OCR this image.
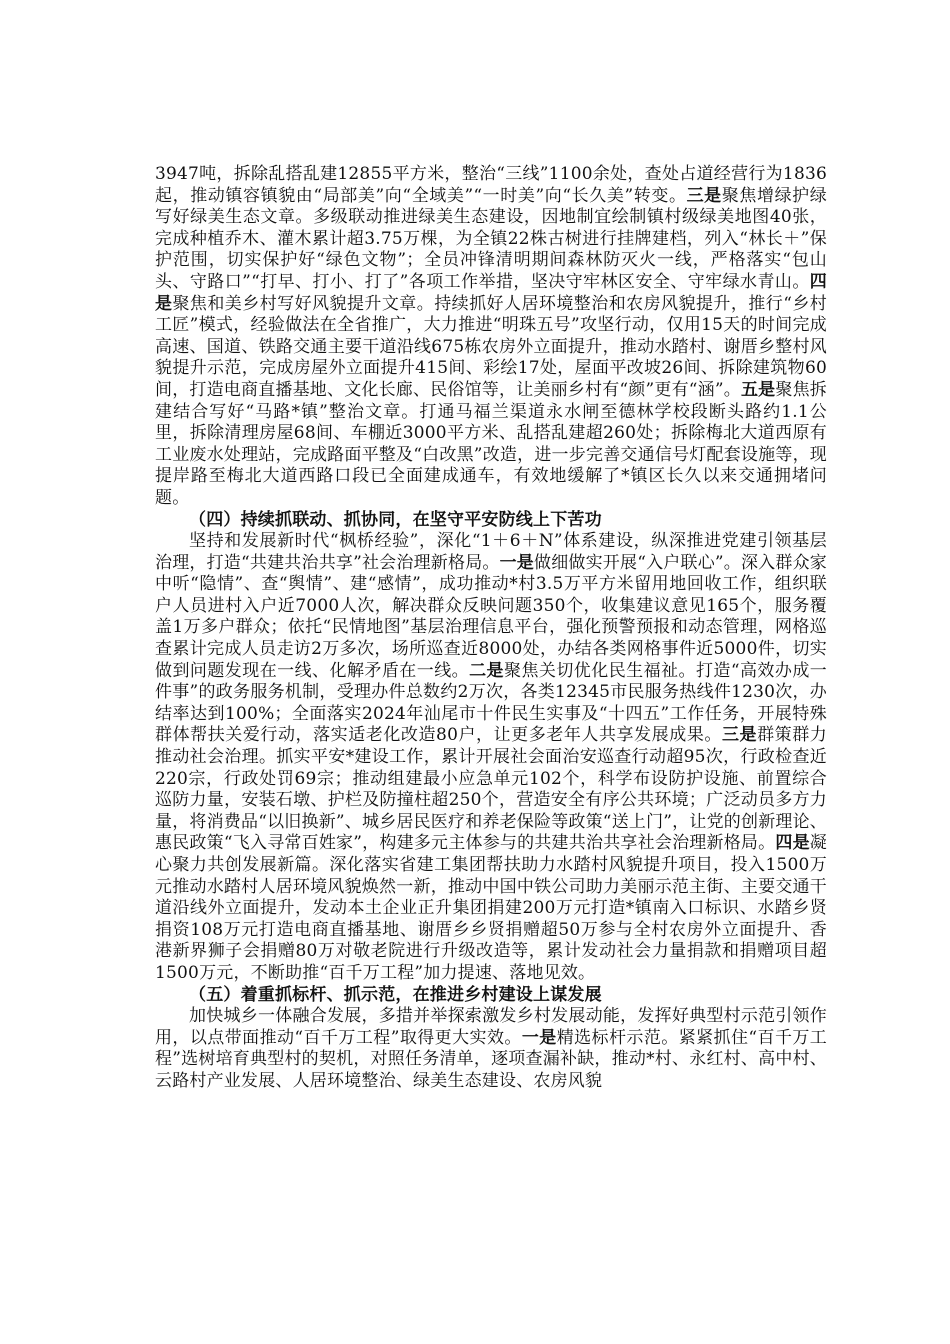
3947吨，拆除乱搭乱建12855平方米，整治“三线”1100余处，查处占道经营行为1836起，推动镇容镇貌由“局部美”向“全域美”“一时美”向“长久美”转变。三是聚焦增绿护绿写好绿美生态文章。多级联动推进绿美生态建设，因地制宜绘制镇村级绿美地图40张，完成种植乔木、灌木累计超3.75万棵，为全镇22株古树进行挂牌建档，列入“林长＋”保护范围，切实保护好“绿色文物”；全员冲锋清明期间森林防灭火一线，严格落实“包山头、守路口”“打早、打小、打了”各项工作举措，坚决守牢林区安全、守牢绿水青山。四是聚焦和美乡村写好风貌提升文章。持续抓好人居环境整治和农房风貌提升，推行“乡村工匠”模式，经验做法在全省推广，大力推进“明珠五号”攻坚行动，仅用15天的时间完成高速、国道、铁路交通主要干道沿线675栋农房外立面提升，推动水踏村、谢厝乡整村风貌提升示范，完成房屋外立面提升415间、彩绘17处，屋面平改坡26间、拆除建筑物60间，打造电商直播基地、文化长廊、民俗馆等，让美丽乡村有“颜”更有“涵”。五是聚焦拆建结合写好“马路*镇”整治文章。打通马福兰渠道永水闸至德林学校段断头路约1.1公里，拆除清理房屋68间、车棚近3000平方米、乱搭乱建超260处；拆除梅北大道西原有工业废水处理站，完成路面平整及“白改黑”改造，进一步完善交通信号灯配套设施等，现提岸路至梅北大道西路口段已全面建成通车，有效地缓解了*镇区长久以来交通拥堵问题。

（四）持续抓联动、抓协同，在坚守平安防线上下苦功

坚持和发展新时代“枫桥经验”，深化“1＋6＋N”体系建设，纵深推进党建引领基层治理，打造“共建共治共享”社会治理新格局。一是做细做实开展“入户联心”。深入群众家中听“隐情”、查“舆情”、建“感情”，成功推动*村3.5万平方米留用地回收工作，组织联户人员进村入户近7000人次，解决群众反映问题350个，收集建议意见165个，服务覆盖1万多户群众；依托“民情地图”基层治理信息平台，强化预警预报和动态管理，网格巡查累计完成人员走访2万多次，场所巡查近8000处，办结各类网格事件近5000件，切实做到问题发现在一线、化解矛盾在一线。二是聚焦关切优化民生福祉。打造“高效办成一件事”的政务服务机制，受理办件总数约2万次，各类12345市民服务热线件1230次，办结率达到100%；全面落实2024年汕尾市十件民生实事及“十四五”工作任务，开展特殊群体帮扶关爱行动，落实适老化改造80户，让更多老年人共享发展成果。三是群策群力推动社会治理。抓实平安*建设工作，累计开展社会面治安巡查行动超95次，行政检查近220宗，行政处罚69宗；推动组建最小应急单元102个，科学布设防护设施、前置综合巡防力量，安装石墩、护栏及防撞柱超250个，营造安全有序公共环境；广泛动员多方力量，将消费品“以旧换新”、城乡居民医疗和养老保险等政策“送上门”，让党的创新理论、惠民政策“飞入寻常百姓家”，构建多元主体参与的共建共治共享社会治理新格局。四是凝心聚力共创发展新篇。深化落实省建工集团帮扶助力水踏村风貌提升项目，投入1500万元推动水踏村人居环境风貌焕然一新，推动中国中铁公司助力美丽示范主街、主要交通干道沿线外立面提升，发动本土企业正升集团捐建200万元打造*镇南入口标识、水踏乡贤捐资108万元打造电商直播基地、谢厝乡乡贤捐赠超50万参与全村农房外立面提升、香港新界狮子会捐赠80万对敬老院进行升级改造等，累计发动社会力量捐款和捐赠项目超1500万元，不断助推“百千万工程”加力提速、落地见效。

（五）着重抓标杆、抓示范，在推进乡村建设上谋发展

加快城乡一体融合发展，多措并举探索激发乡村发展动能，发挥好典型村示范引领作用，以点带面推动“百千万工程”取得更大实效。一是精选标杆示范。紧紧抓住“百千万工程”选树培育典型村的契机，对照任务清单，逐项查漏补缺，推动*村、永红村、高中村、云路村产业发展、人居环境整治、绿美生态建设、农房风貌
